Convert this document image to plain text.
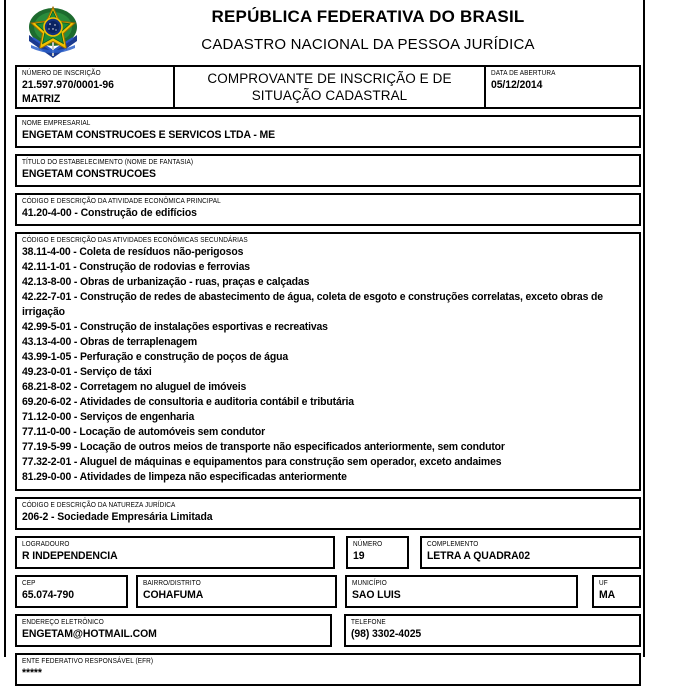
REPÚBLICA FEDERATIVA DO BRASIL
CADASTRO NACIONAL DA PESSOA JURÍDICA
NÚMERO DE INSCRIÇÃO
21.597.970/0001-96
MATRIZ
COMPROVANTE DE INSCRIÇÃO E DE SITUAÇÃO CADASTRAL
DATA DE ABERTURA
05/12/2014
NOME EMPRESARIAL
ENGETAM CONSTRUCOES E SERVICOS LTDA - ME
TÍTULO DO ESTABELECIMENTO (NOME DE FANTASIA)
ENGETAM CONSTRUCOES
CÓDIGO E DESCRIÇÃO DA ATIVIDADE ECONÔMICA PRINCIPAL
41.20-4-00 - Construção de edifícios
CÓDIGO E DESCRIÇÃO DAS ATIVIDADES ECONÔMICAS SECUNDÁRIAS
38.11-4-00 - Coleta de resíduos não-perigosos
42.11-1-01 - Construção de rodovias e ferrovias
42.13-8-00 - Obras de urbanização - ruas, praças e calçadas
42.22-7-01 - Construção de redes de abastecimento de água, coleta de esgoto e construções correlatas, exceto obras de irrigação
42.99-5-01 - Construção de instalações esportivas e recreativas
43.13-4-00 - Obras de terraplenagem
43.99-1-05 - Perfuração e construção de poços de água
49.23-0-01 - Serviço de táxi
68.21-8-02 - Corretagem no aluguel de imóveis
69.20-6-02 - Atividades de consultoria e auditoria contábil e tributária
71.12-0-00 - Serviços de engenharia
77.11-0-00 - Locação de automóveis sem condutor
77.19-5-99 - Locação de outros meios de transporte não especificados anteriormente, sem condutor
77.32-2-01 - Aluguel de máquinas e equipamentos para construção sem operador, exceto andaimes
81.29-0-00 - Atividades de limpeza não especificadas anteriormente
CÓDIGO E DESCRIÇÃO DA NATUREZA JURÍDICA
206-2 - Sociedade Empresária Limitada
LOGRADOURO
R INDEPENDENCIA
NÚMERO
19
COMPLEMENTO
LETRA A QUADRA02
CEP
65.074-790
BAIRRO/DISTRITO
COHAFUMA
MUNICÍPIO
SAO LUIS
UF
MA
ENDEREÇO ELETRÔNICO
ENGETAM@HOTMAIL.COM
TELEFONE
(98) 3302-4025
ENTE FEDERATIVO RESPONSÁVEL (EFR)
*****
